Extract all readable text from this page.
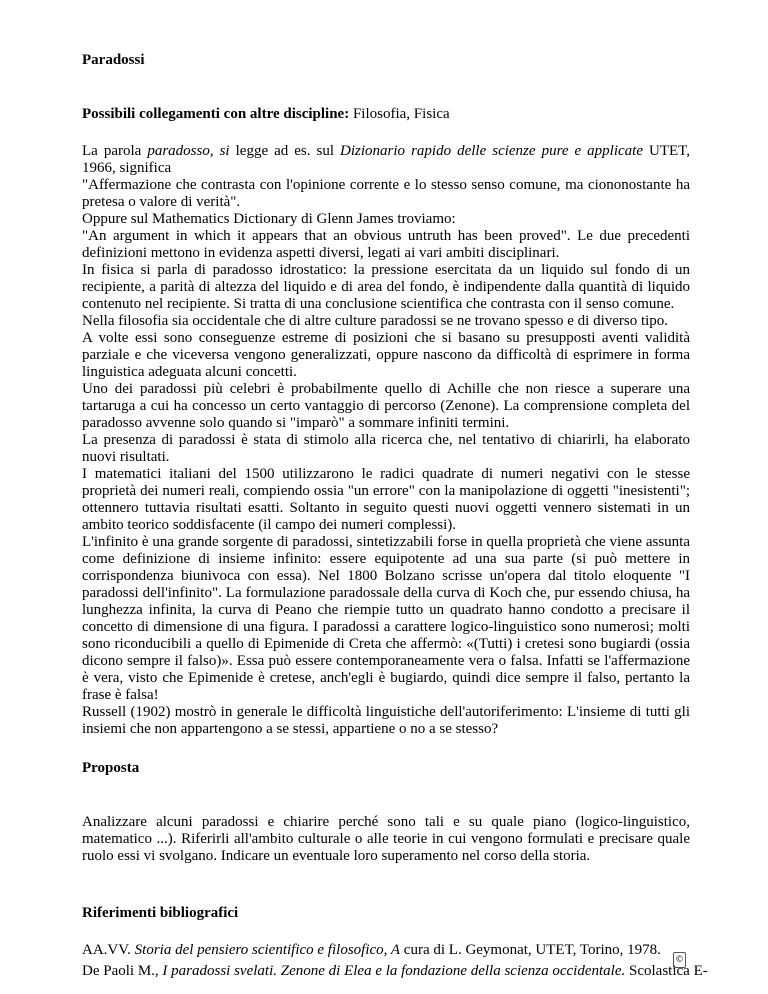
Paradossi

Possibili collegamenti con altre discipline: Filosofia, Fisica

La parola paradosso, si legge ad es. sul Dizionario rapido delle scienze pure e applicate UTET, 1966, significa

"Affermazione che contrasta con l'opinione corrente e lo stesso senso comune, ma ciononostante ha pretesa o valore di verità".

Oppure sul Mathematics Dictionary di Glenn James troviamo:

"An argument in which it appears that an obvious untruth has been proved". Le due precedenti definizioni mettono in evidenza aspetti diversi, legati ai vari ambiti disciplinari.

In fisica si parla di paradosso idrostatico: la pressione esercitata da un liquido sul fondo di un recipiente, a parità di altezza del liquido e di area del fondo, è indipendente dalla quantità di liquido contenuto nel recipiente. Si tratta di una conclusione scientifica che contrasta con il senso comune.

Nella filosofia sia occidentale che di altre culture paradossi se ne trovano spesso e di diverso tipo.

A volte essi sono conseguenze estreme di posizioni che si basano su presupposti aventi validità parziale e che viceversa vengono generalizzati, oppure nascono da difficoltà di esprimere in forma linguistica adeguata alcuni concetti.

Uno dei paradossi più celebri è probabilmente quello di Achille che non riesce a superare una tartaruga a cui ha concesso un certo vantaggio di percorso (Zenone). La comprensione completa del paradosso avvenne solo quando si "imparò" a sommare infiniti termini.

La presenza di paradossi è stata di stimolo alla ricerca che, nel tentativo di chiarirli, ha elaborato nuovi risultati.

I matematici italiani del 1500 utilizzarono le radici quadrate di numeri negativi con le stesse proprietà dei numeri reali, compiendo ossia "un errore" con la manipolazione di oggetti "inesistenti"; ottennero tuttavia risultati esatti. Soltanto in seguito questi nuovi oggetti vennero sistemati in un ambito teorico soddisfacente (il campo dei numeri complessi).

L'infinito è una grande sorgente di paradossi, sintetizzabili forse in quella proprietà che viene assunta come definizione di insieme infinito: essere equipotente ad una sua parte (si può mettere in corrispondenza biunivoca con essa). Nel 1800 Bolzano scrisse un'opera dal titolo eloquente "I paradossi dell'infinito". La formulazione paradossale della curva di Koch che, pur essendo chiusa, ha lunghezza infinita, la curva di Peano che riempie tutto un quadrato hanno condotto a precisare il concetto di dimensione di una figura. I paradossi a carattere logico-linguistico sono numerosi; molti sono riconducibili a quello di Epimenide di Creta che affermò: «(Tutti) i cretesi sono bugiardi (ossia dicono sempre il falso)». Essa può essere contemporaneamente vera o falsa. Infatti se l'affermazione è vera, visto che Epimenide è cretese, anch'egli è bugiardo, quindi dice sempre il falso, pertanto la frase è falsa!

Russell (1902) mostrò in generale le difficoltà linguistiche dell'autoriferimento: L'insieme di tutti gli insiemi che non appartengono a se stessi, appartiene o no a se stesso?

Proposta

Analizzare alcuni paradossi e chiarire perché sono tali e su quale piano (logico-linguistico, matematico ...). Riferirli all'ambito culturale o alle teorie in cui vengono formulati e precisare quale ruolo essi vi svolgano. Indicare un eventuale loro superamento nel corso della storia.

Riferimenti bibliografici

AA.VV. Storia del pensiero scientifico e filosofico, A cura di L. Geymonat, UTET, Torino, 1978.

De Paoli M., I paradossi svelati. Zenone di Elea e la fondazione della scienza occidentale. Scolastica E-

©
